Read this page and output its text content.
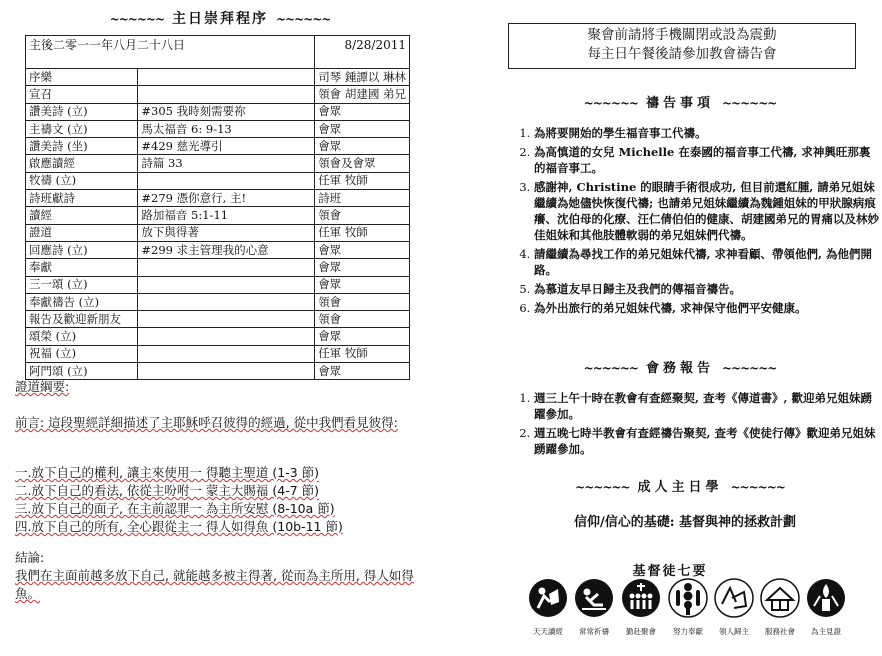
~~~~~~ 主日崇拜程序 ~~~~~~
主後二零一一年八月二十八日		8/28/2011
序樂		司琴 鍾譚以 琳林
宣召		領會 胡建國 弟兄
讚美詩 (立)	#305 我時刻需要祢	會眾
主禱文 (立)	馬太福音 6: 9-13	會眾
讚美詩 (坐)	#429 慈光導引	會眾
啟應讀經	詩篇 33	領會及會眾
牧禱 (立)		任軍 牧師
詩班獻詩	#279 憑你意行, 主!	詩班
讀經	路加福音 5:1-11	領會
證道	放下與得著	任軍 牧師
回應詩 (立)	#299 求主管理我的心意	會眾
奉獻		會眾
三一頌 (立)		會眾
奉獻禱告 (立)		領會
報告及歡迎新朋友		領會
頌榮 (立)		會眾
祝福 (立)		任軍 牧師
阿門頌 (立)		會眾
證道綱要:
前言: 這段聖經詳細描述了主耶穌呼召彼得的經過, 從中我們看見彼得:
一.放下自己的權利, 讓主來使用一 得聽主聖道 (1-3 節)
二.放下自己的看法, 依從主吩咐一 蒙主大賜福 (4-7 節)
三.放下自己的面子, 在主前認罪一 為主所安慰 (8-10a 節)
四.放下自己的所有, 全心跟從主一 得人如得魚 (10b-11 節)
結論:
我們在主面前越多放下自己, 就能越多被主得著, 從而為主所用, 得人如得魚。
聚會前請將手機關閉或設為震動
每主日午餐後請參加教會禱告會
~~~~~~ 禱告事項 ~~~~~~
1. 為將要開始的學生福音事工代禱。
2. 為高慎道的女兒 Michelle 在泰國的福音事工代禱, 求神興旺那裏的福音事工。
3. 感謝神, Christine 的眼睛手術很成功, 但目前還紅腫, 請弟兄姐妹繼續為她儘快恢復代禱; 也請弟兄姐妹繼續為魏鍾姐妹的甲狀腺病痕癢、沈伯母的化療、汪仁倩伯伯的健康、胡建國弟兄的胃痛以及林妙佳姐妹和其他肢體軟弱的弟兄姐妹們代禱。
4. 請繼續為尋找工作的弟兄姐妹代禱, 求神看顧、帶領他們, 為他們開路。
5. 為慕道友早日歸主及我們的傳福音禱告。
6. 為外出旅行的弟兄姐妹代禱, 求神保守他們平安健康。
~~~~~~ 會務報告 ~~~~~~
1. 週三上午十時在教會有查經聚契, 查考《傳道書》, 歡迎弟兄姐妹踴躍參加。
2. 週五晚七時半教會有查經禱告聚契, 查考《使徒行傳》歡迎弟兄姐妹踴躍參加。
~~~~~~ 成人主日學 ~~~~~~
信仰/信心的基礎: 基督與神的拯救計劃
基督徒七要
天天讀經	常常祈禱	勤赴聚會	努力奉獻	領人歸主	服務社會	為主見證
